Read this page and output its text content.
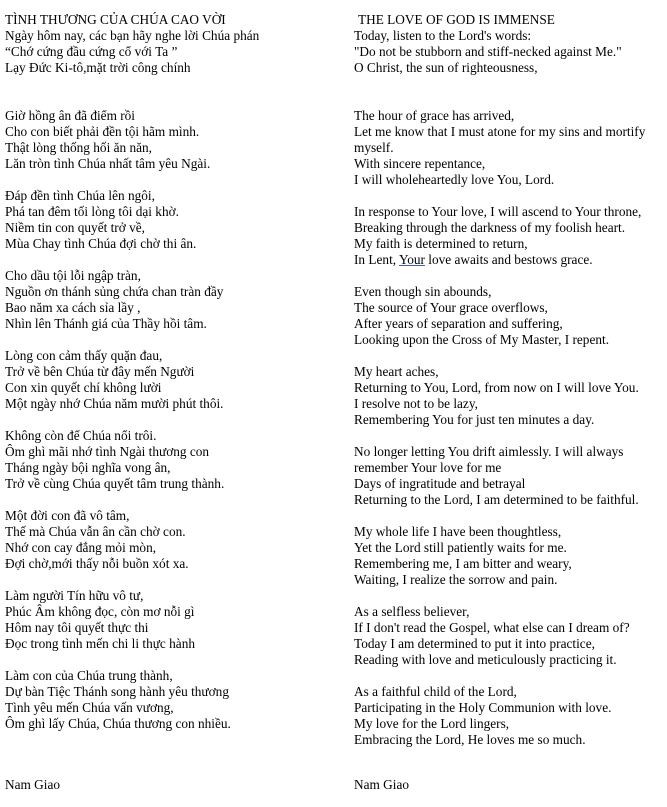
TÌNH THƯƠNG CỦA CHÚA CAO VỜI
Ngày hôm nay, các bạn hãy nghe lời Chúa phán
“Chớ cứng đầu cứng cổ với Ta ”
Lạy Đức Ki-tô,mặt trời công chính
Giờ hồng ân đã điểm rồi
Cho con biết phải đền tội hãm mình.
Thật lòng thống hối ăn năn,
Lăn tròn tình Chúa nhất tâm yêu Ngài.
Đáp đền tình Chúa lên ngôi,
Phá tan đêm tối lòng tôi dại khờ.
Niềm tin con quyết trở về,
Mùa Chay tình Chúa đợi chờ thi ân.
Cho dầu tội lỗi ngập tràn,
Nguồn ơn thánh sủng chứa chan tràn đầy
Bao năm xa cách sỉa lầy ,
Nhìn lên Thánh giá của Thầy hồi tâm.
Lòng con cảm thấy quặn đau,
Trở về bên Chúa từ đây mến Người
Con xin quyết chí không lười
Một ngày nhớ Chúa năm mười phút thôi.
Không còn để Chúa nổi trôi.
Ôm ghì mãi nhớ tình Ngài thương con
Tháng ngày bội nghĩa vong ân,
Trở về cùng Chúa quyết tâm trung thành.
Một đời con đã vô tâm,
Thế mà Chúa vẫn ân cần chờ con.
Nhớ con cay đắng mỏi mòn,
Đợi chờ,mới thấy nỗi buồn xót xa.
Làm người Tín hữu vô tư,
Phúc Âm không đọc, còn mơ nỗi gì
Hôm nay tôi quyết thực thi
Đọc trong tình mến chi li thực hành
Làm con của Chúa trung thành,
Dự bàn Tiệc Thánh song hành yêu thương
Tình yêu mến Chúa vấn vương,
Ôm ghì lấy Chúa, Chúa thương con nhiều.
THE LOVE OF GOD IS IMMENSE
Today, listen to the Lord's words:
"Do not be stubborn and stiff-necked against Me."
O Christ, the sun of righteousness,
The hour of grace has arrived,
Let me know that I must atone for my sins and mortify myself.
With sincere repentance,
I will wholeheartedly love You, Lord.
In response to Your love, I will ascend to Your throne,
Breaking through the darkness of my foolish heart.
My faith is determined to return,
In Lent, Your love awaits and bestows grace.
Even though sin abounds,
The source of Your grace overflows,
After years of separation and suffering,
Looking upon the Cross of My Master, I repent.
My heart aches,
Returning to You, Lord, from now on I will love You.
I resolve not to be lazy,
Remembering You for just ten minutes a day.
No longer letting You drift aimlessly. I will always remember Your love for me
Days of ingratitude and betrayal
Returning to the Lord, I am determined to be faithful.
My whole life I have been thoughtless,
Yet the Lord still patiently waits for me.
Remembering me, I am bitter and weary,
Waiting, I realize the sorrow and pain.
As a selfless believer,
If I don't read the Gospel, what else can I dream of?
Today I am determined to put it into practice,
Reading with love and meticulously practicing it.
As a faithful child of the Lord,
Participating in the Holy Communion with love.
My love for the Lord lingers,
Embracing the Lord, He loves me so much.
Nam Giao	Nam Giao
